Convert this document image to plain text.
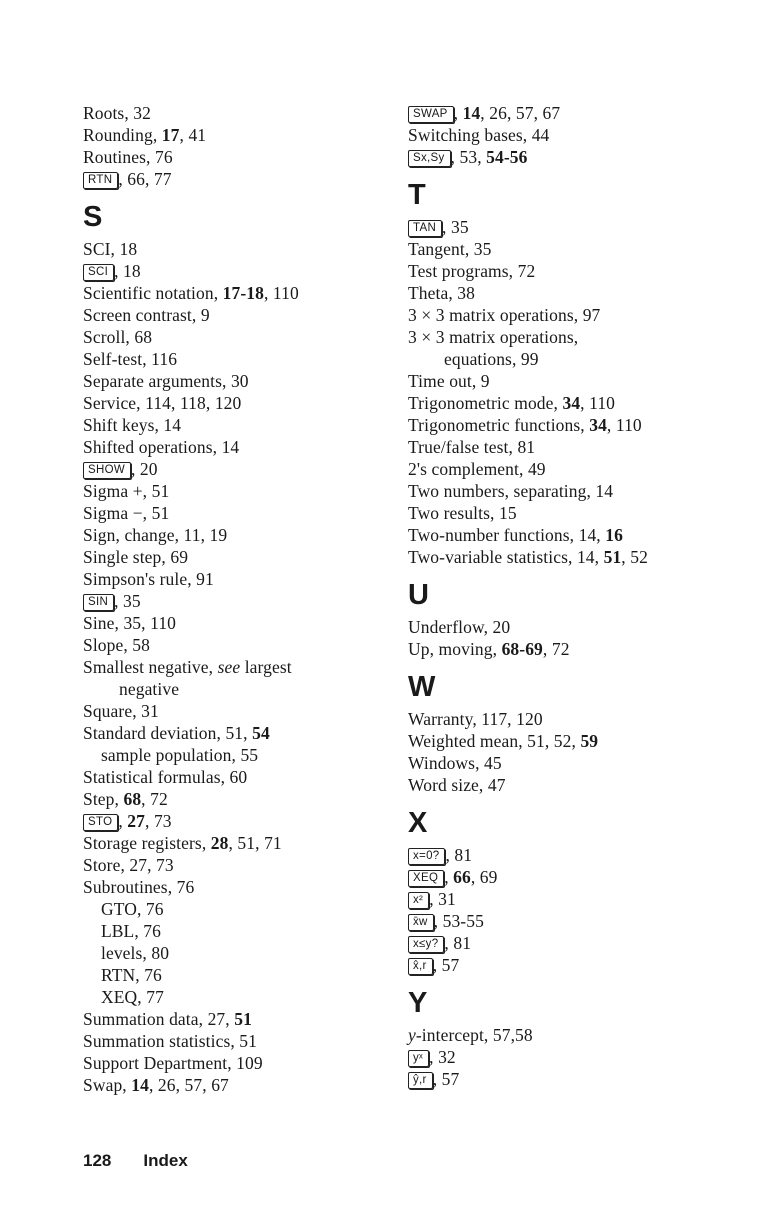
Roots, 32
Rounding, 17, 41
Routines, 76
RTN , 66, 77
S
SCI, 18
SCI , 18
Scientific notation, 17-18, 110
Screen contrast, 9
Scroll, 68
Self-test, 116
Separate arguments, 30
Service, 114, 118, 120
Shift keys, 14
Shifted operations, 14
SHOW , 20
Sigma +, 51
Sigma −, 51
Sign, change, 11, 19
Single step, 69
Simpson's rule, 91
SIN , 35
Sine, 35, 110
Slope, 58
Smallest negative, see largest
negative
Square, 31
Standard deviation, 51, 54
sample population, 55
Statistical formulas, 60
Step, 68, 72
STO , 27, 73
Storage registers, 28, 51, 71
Store, 27, 73
Subroutines, 76
GTO, 76
LBL, 76
levels, 80
RTN, 76
XEQ, 77
Summation data, 27, 51
Summation statistics, 51
Support Department, 109
Swap, 14, 26, 57, 67
SWAP , 14, 26, 57, 67
Switching bases, 44
Sx,Sy , 53, 54-56
T
TAN , 35
Tangent, 35
Test programs, 72
Theta, 38
3 × 3 matrix operations, 97
3 × 3 matrix operations,
equations, 99
Time out, 9
Trigonometric mode, 34, 110
Trigonometric functions, 34, 110
True/false test, 81
2's complement, 49
Two numbers, separating, 14
Two results, 15
Two-number functions, 14, 16
Two-variable statistics, 14, 51, 52
U
Underflow, 20
Up, moving, 68-69, 72
W
Warranty, 117, 120
Weighted mean, 51, 52, 59
Windows, 45
Word size, 47
X
x=0? , 81
XEQ , 66, 69
x² , 31
x̄w , 53-55
x≤y? , 81
x̂,r , 57
Y
y-intercept, 57,58
yˣ , 32
ŷ,r , 57
128 Index
